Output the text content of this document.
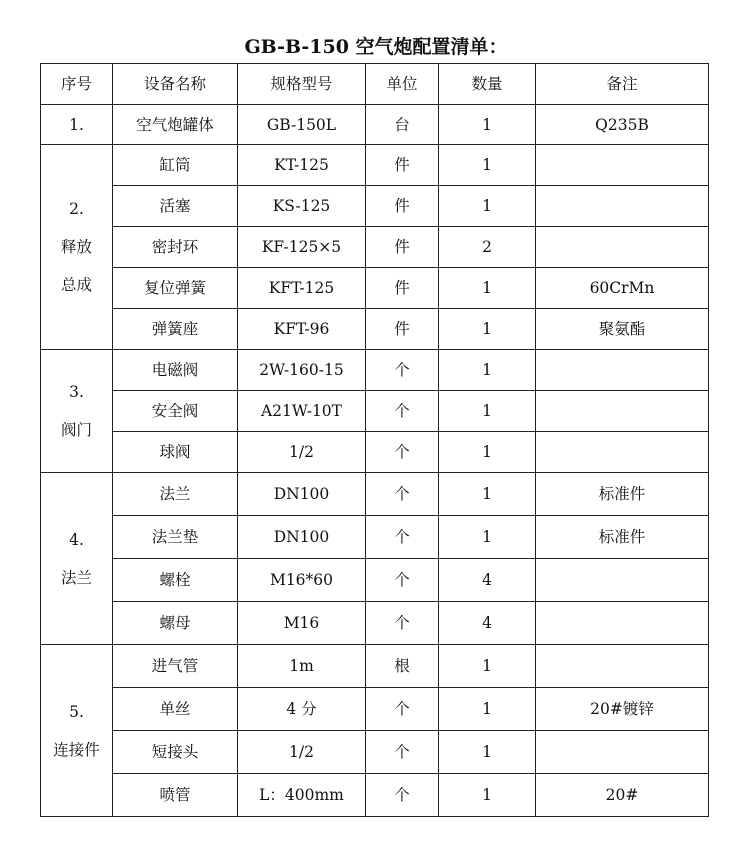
GB-B-150 空气炮配置清单：
序号	设备名称	规格型号	单位	数量	备注

1.	空气炮罐体	GB-150L	台	1	Q235B

2.
释放
总成	缸筒	KT-125	件	1	
	活塞	KS-125	件	1	
	密封环	KF-125×5	件	2	
	复位弹簧	KFT-125	件	1	60CrMn
	弹簧座	KFT-96	件	1	聚氨酯

3.
阀门	电磁阀	2W-160-15	个	1	
	安全阀	A21W-10T	个	1	
	球阀	1/2	个	1	

4.
法兰	法兰	DN100	个	1	标准件
	法兰垫	DN100	个	1	标准件
	螺栓	M16*60	个	4	
	螺母	M16	个	4	

5.
连接件	进气管	1m	根	1	
	单丝	4 分	个	1	20#镀锌
	短接头	1/2	个	1	
	喷管	L：400mm	个	1	20#
